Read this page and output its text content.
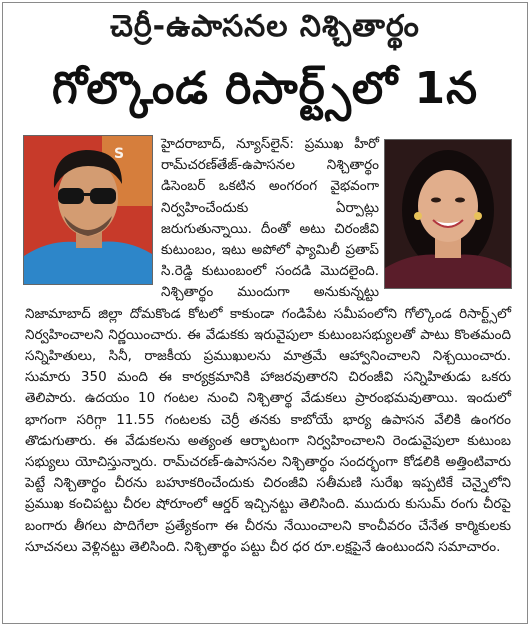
చెర్రీ-ఉపాసనల నిశ్చితార్థం
గోల్కొండ రిసార్ట్స్‌లో 1న
S
హైదరాబాద్, న్యూస్‌లైన్: ప్రముఖ హీరో రామ్‌చరణ్‌తేజ్-ఉపాసనల నిశ్చితార్థం డిసెంబర్ ఒకటిన అంగరంగ వైభవంగా నిర్వహించేందుకు ఏర్పాట్లు జరుగుతున్నాయి. దీంతో అటు చిరంజీవి కుటుంబం, ఇటు అపోలో ఫ్యామిలీ ప్రతాప్ సి.రెడ్డి కుటుంబంలో సందడి మొదలైంది. నిశ్చితార్థం ముందుగా అనుకున్నట్టు నిజామాబాద్ జిల్లా దోమకొండ కోటలో కాకుండా గండిపేట సమీపంలోని గోల్కొండ రిసార్ట్స్‌లో నిర్వహించాలని నిర్ణయించారు. ఈ వేడుకకు ఇరువైపులా కుటుంబసభ్యులతో పాటు కొంతమంది సన్నిహితులు, సినీ, రాజకీయ ప్రముఖులను మాత్రమే ఆహ్వానించాలని నిశ్చయించారు. సుమారు 350 మంది ఈ కార్యక్రమానికి హాజరవుతారని చిరంజీవి సన్నిహితుడు ఒకరు తెలిపారు. ఉదయం 10 గంటల నుంచి నిశ్చితార్థ వేడుకలు ప్రారంభమవుతాయి. ఇందులో భాగంగా సరిగ్గా 11.55 గంటలకు చెర్రీ తనకు కాబోయే భార్య ఉపాసన వేలికి ఉంగరం తొడుగుతారు. ఈ వేడుకలను అత్యంత ఆర్భాటంగా నిర్వహించాలని రెండువైపులా కుటుంబ సభ్యులు యోచిస్తున్నారు. రామ్‌చరణ్-ఉపాసనల నిశ్చితార్థం సందర్భంగా కోడలికి అత్తింటివారు పెట్టే నిశ్చితార్థం చీరను బహూకరించేందుకు చిరంజీవి సతీమణి సురేఖ ఇప్పటికే చెన్నైలోని ప్రముఖ కంచిపట్టు చీరల షోరూంలో ఆర్డర్ ఇచ్చినట్టు తెలిసింది. ముదురు కుసుమ్ రంగు చీరపై బంగారు తీగలు పొదిగేలా ప్రత్యేకంగా ఈ చీరను నేయించాలని కాంచీవరం చేనేత కార్మికులకు సూచనలు వెళ్లినట్టు తెలిసింది. నిశ్చితార్థం పట్టు చీర ధర రూ.లక్షపైనే ఉంటుందని సమాచారం.
